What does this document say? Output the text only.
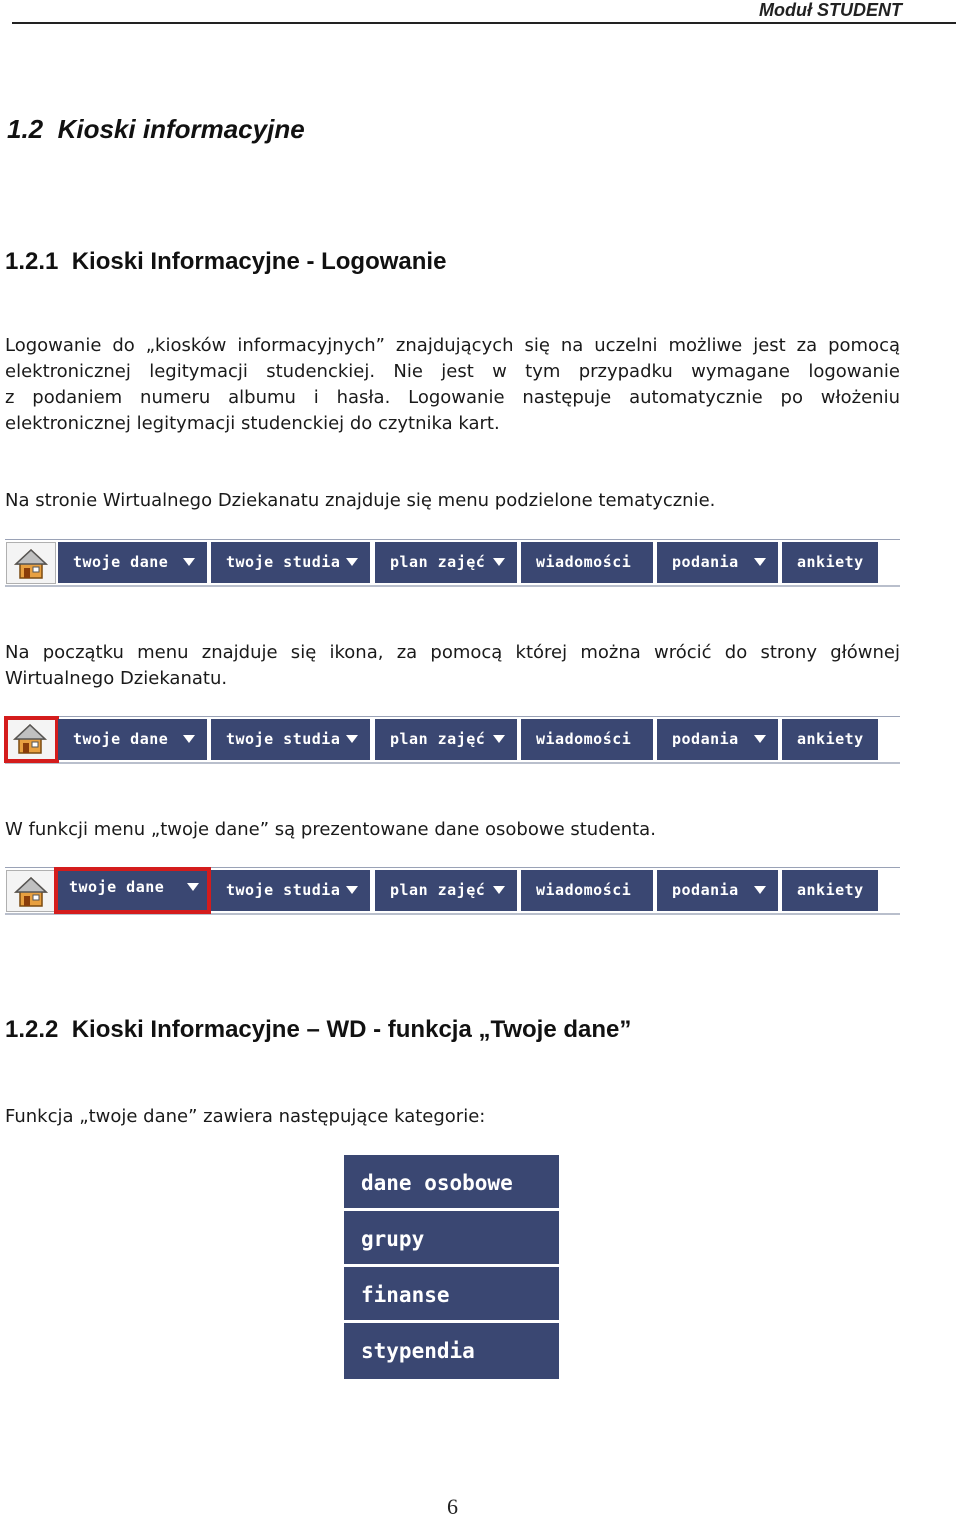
Moduł STUDENT
1.2  Kioski informacyjne
1.2.1  Kioski Informacyjne - Logowanie
Logowanie do „kiosków informacyjnych” znajdujących się na uczelni możliwe jest za pomocą
elektronicznej legitymacji studenckiej. Nie jest w tym przypadku wymagane logowanie
z podaniem numeru albumu i hasła. Logowanie następuje automatycznie po włożeniu
elektronicznej legitymacji studenckiej do czytnika kart.
Na stronie Wirtualnego Dziekanatu znajduje się menu podzielone tematycznie.
twoje dane	twoje studia	plan zajęć	wiadomości	podania	ankiety
Na początku menu znajduje się ikona, za pomocą której można wrócić do strony głównej
Wirtualnego Dziekanatu.
twoje dane	twoje studia	plan zajęć	wiadomości	podania	ankiety
W funkcji menu „twoje dane” są prezentowane dane osobowe studenta.
twoje dane	twoje studia	plan zajęć	wiadomości	podania	ankiety
1.2.2  Kioski Informacyjne – WD - funkcja „Twoje dane”
Funkcja „twoje dane” zawiera następujące kategorie:
dane osobowe
grupy
finanse
stypendia
6
